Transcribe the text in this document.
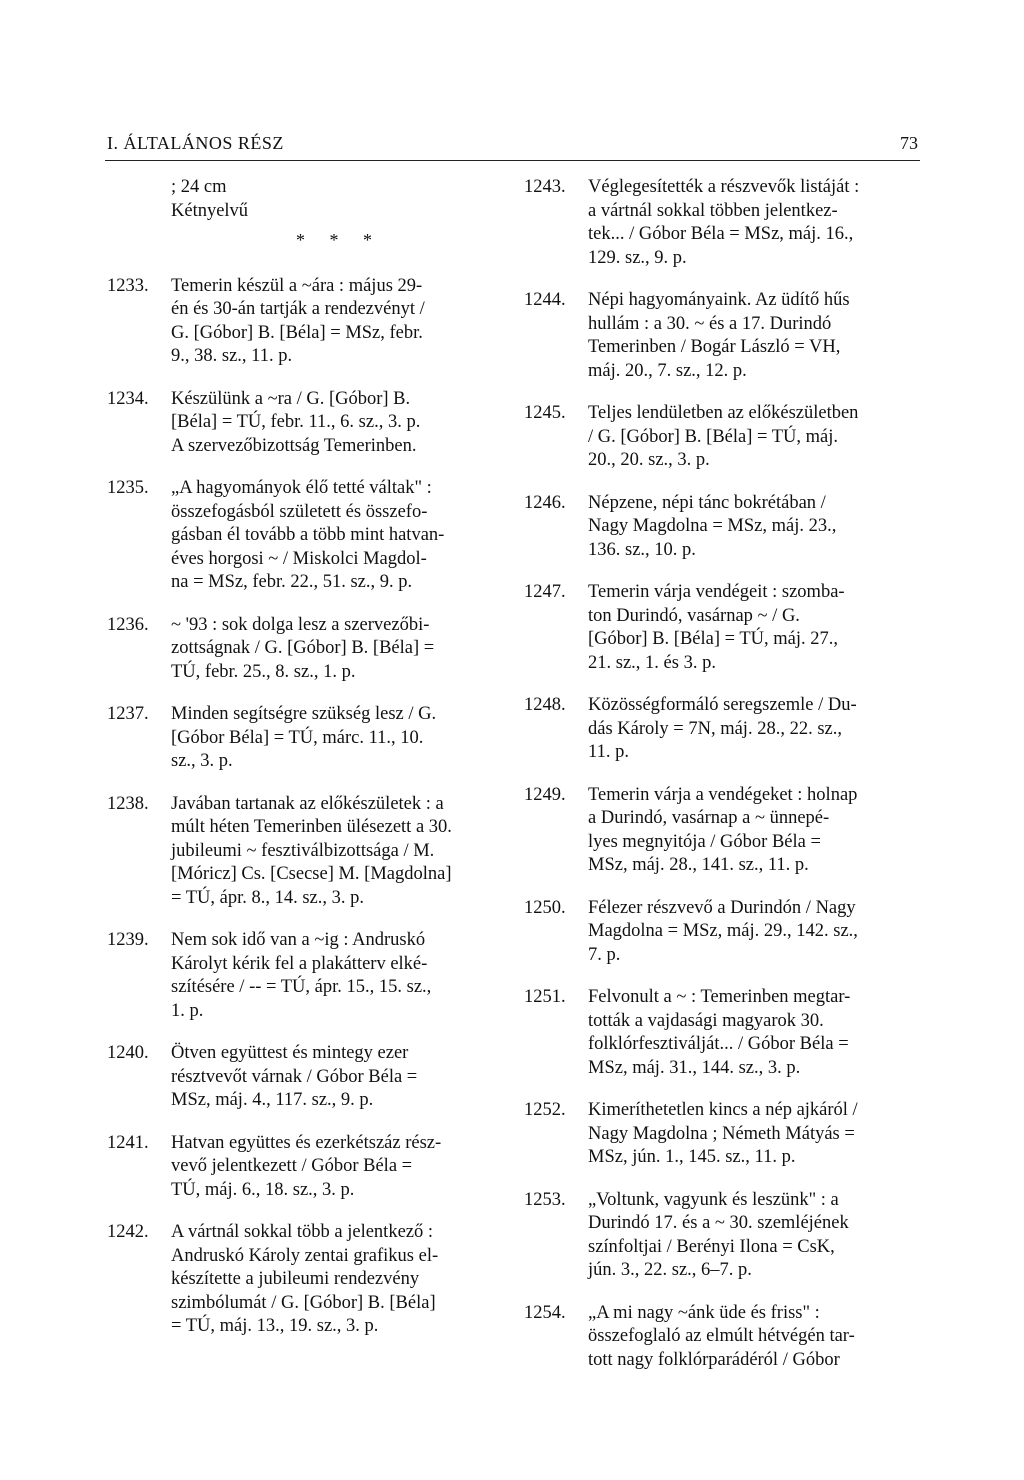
I. ÁLTALÁNOS RÉSZ	73
; 24 cm
Kétnyelvű
* * *
1233.	Temerin készül a ~ára : május 29-
én és 30-án tartják a rendezvényt /
G. [Góbor] B. [Béla] = MSz, febr.
9., 38. sz., 11. p.
1234.	Készülünk a ~ra / G. [Góbor] B.
[Béla] = TÚ, febr. 11., 6. sz., 3. p.
A szervezőbizottság Temerinben.
1235.	„A hagyományok élő tetté váltak" :
összefogásból született és összefo-
gásban él tovább a több mint hatvan-
éves horgosi ~ / Miskolci Magdol-
na = MSz, febr. 22., 51. sz., 9. p.
1236.	~ '93 : sok dolga lesz a szervezőbi-
zottságnak / G. [Góbor] B. [Béla] =
TÚ, febr. 25., 8. sz., 1. p.
1237.	Minden segítségre szükség lesz / G.
[Góbor Béla] = TÚ, márc. 11., 10.
sz., 3. p.
1238.	Javában tartanak az előkészületek : a
múlt héten Temerinben ülésezett a 30.
jubileumi ~ fesztiválbizottsága / M.
[Móricz] Cs. [Csecse] M. [Magdolna]
= TÚ, ápr. 8., 14. sz., 3. p.
1239.	Nem sok idő van a ~ig : Andruskó
Károlyt kérik fel a plakátterv elké-
szítésére / -- = TÚ, ápr. 15., 15. sz.,
1. p.
1240.	Ötven együttest és mintegy ezer
résztvevőt várnak / Góbor Béla =
MSz, máj. 4., 117. sz., 9. p.
1241.	Hatvan együttes és ezerkétszáz rész-
vevő jelentkezett / Góbor Béla =
TÚ, máj. 6., 18. sz., 3. p.
1242.	A vártnál sokkal több a jelentkező :
Andruskó Károly zentai grafikus el-
készítette a jubileumi rendezvény
szimbólumát / G. [Góbor] B. [Béla]
= TÚ, máj. 13., 19. sz., 3. p.
1243.	Véglegesítették a részvevők listáját :
a vártnál sokkal többen jelentkez-
tek... / Góbor Béla = MSz, máj. 16.,
129. sz., 9. p.
1244.	Népi hagyományaink. Az üdítő hűs
hullám : a 30. ~ és a 17. Durindó
Temerinben / Bogár László = VH,
máj. 20., 7. sz., 12. p.
1245.	Teljes lendületben az előkészületben
/ G. [Góbor] B. [Béla] = TÚ, máj.
20., 20. sz., 3. p.
1246.	Népzene, népi tánc bokrétában /
Nagy Magdolna = MSz, máj. 23.,
136. sz., 10. p.
1247.	Temerin várja vendégeit : szomba-
ton Durindó, vasárnap ~ / G.
[Góbor] B. [Béla] = TÚ, máj. 27.,
21. sz., 1. és 3. p.
1248.	Közösségformáló seregszemle / Du-
dás Károly = 7N, máj. 28., 22. sz.,
11. p.
1249.	Temerin várja a vendégeket : holnap
a Durindó, vasárnap a ~ ünnepé-
lyes megnyitója / Góbor Béla =
MSz, máj. 28., 141. sz., 11. p.
1250.	Félezer részvevő a Durindón / Nagy
Magdolna = MSz, máj. 29., 142. sz.,
7. p.
1251.	Felvonult a ~ : Temerinben megtar-
tották a vajdasági magyarok 30.
folklórfesztiválját... / Góbor Béla =
MSz, máj. 31., 144. sz., 3. p.
1252.	Kimeríthetetlen kincs a nép ajkáról /
Nagy Magdolna ; Németh Mátyás =
MSz, jún. 1., 145. sz., 11. p.
1253.	„Voltunk, vagyunk és leszünk" : a
Durindó 17. és a ~ 30. szemléjének
színfoltjai / Berényi Ilona = CsK,
jún. 3., 22. sz., 6–7. p.
1254.	„A mi nagy ~ánk üde és friss" :
összefoglaló az elmúlt hétvégén tar-
tott nagy folklórparádéról / Góbor
